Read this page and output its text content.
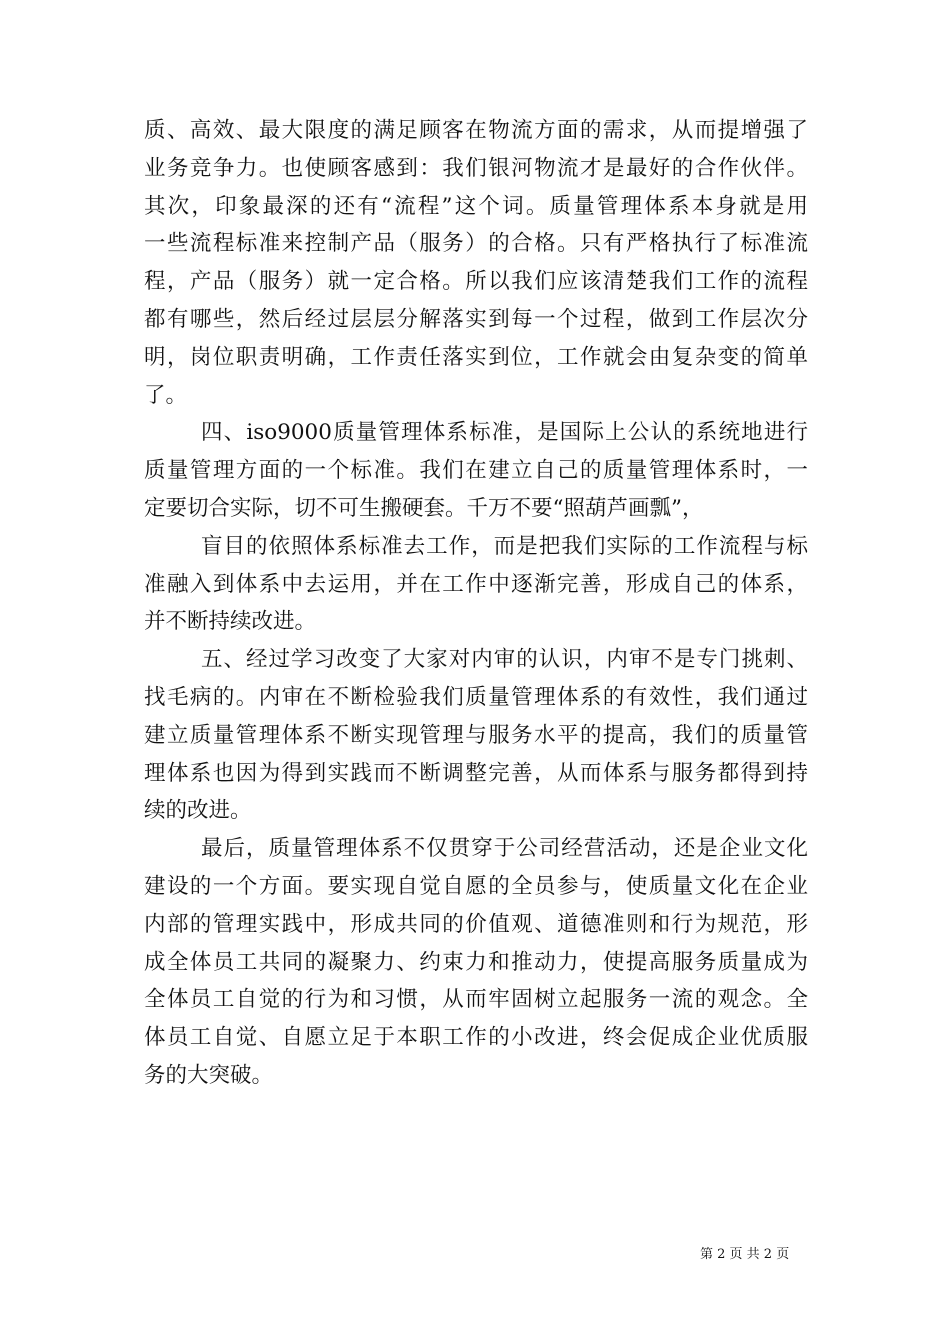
质、高效、最大限度的满足顾客在物流方面的需求，从而提增强了
业务竞争力。也使顾客感到：我们银河物流才是最好的合作伙伴。
其次，印象最深的还有“流程”这个词。质量管理体系本身就是用
一些流程标准来控制产品（服务）的合格。只有严格执行了标准流
程，产品（服务）就一定合格。所以我们应该清楚我们工作的流程
都有哪些，然后经过层层分解落实到每一个过程，做到工作层次分
明，岗位职责明确，工作责任落实到位，工作就会由复杂变的简单
了。
四、iso9000质量管理体系标准，是国际上公认的系统地进行
质量管理方面的一个标准。我们在建立自己的质量管理体系时，一
定要切合实际，切不可生搬硬套。千万不要“照葫芦画瓢”，
盲目的依照体系标准去工作，而是把我们实际的工作流程与标
准融入到体系中去运用，并在工作中逐渐完善，形成自己的体系，
并不断持续改进。
五、经过学习改变了大家对内审的认识，内审不是专门挑刺、
找毛病的。内审在不断检验我们质量管理体系的有效性，我们通过
建立质量管理体系不断实现管理与服务水平的提高，我们的质量管
理体系也因为得到实践而不断调整完善，从而体系与服务都得到持
续的改进。
最后，质量管理体系不仅贯穿于公司经营活动，还是企业文化
建设的一个方面。要实现自觉自愿的全员参与，使质量文化在企业
内部的管理实践中，形成共同的价值观、道德准则和行为规范，形
成全体员工共同的凝聚力、约束力和推动力，使提高服务质量成为
全体员工自觉的行为和习惯，从而牢固树立起服务一流的观念。全
体员工自觉、自愿立足于本职工作的小改进，终会促成企业优质服
务的大突破。
第 2 页 共 2 页
